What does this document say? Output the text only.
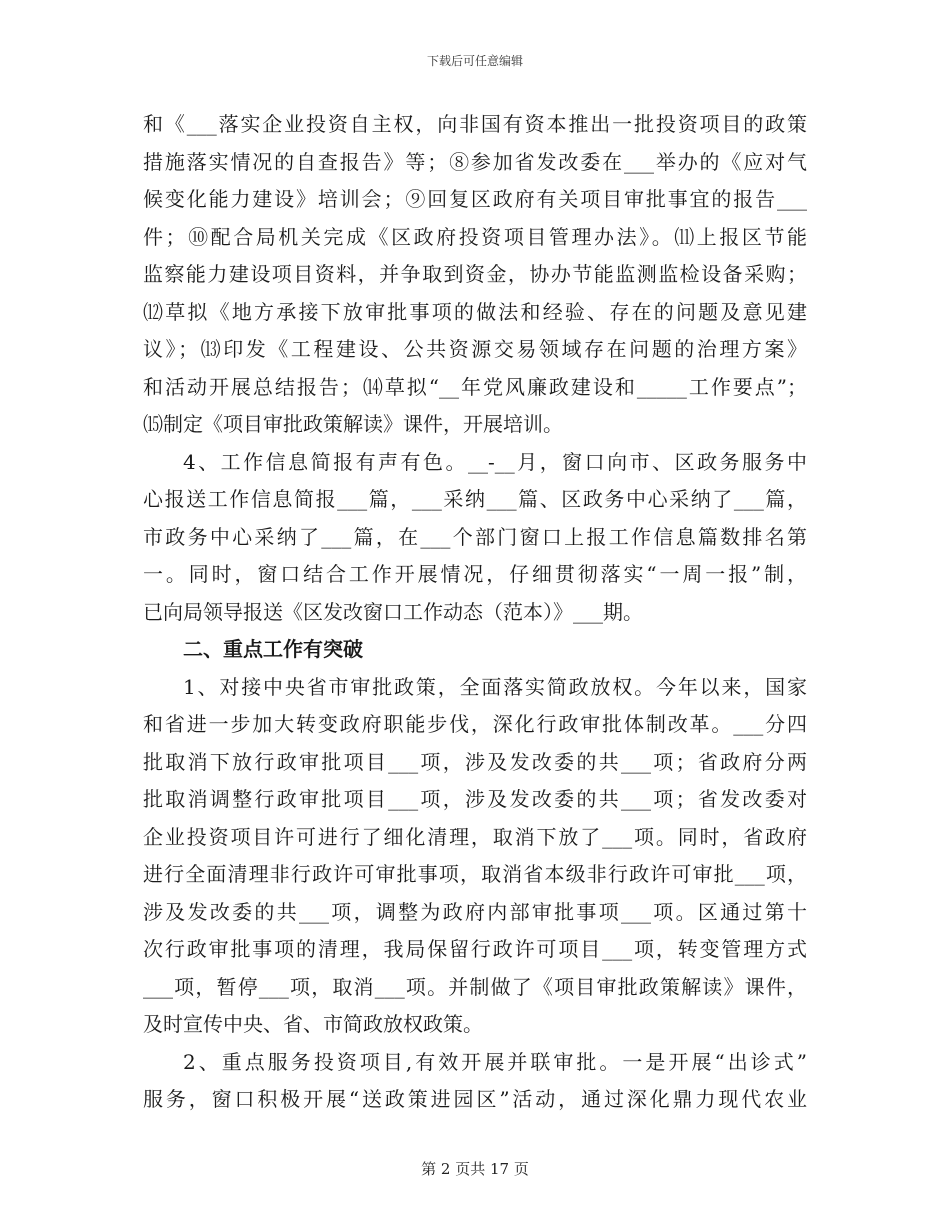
下载后可任意编辑
和《___落实企业投资自主权，向非国有资本推出一批投资项目的政策
措施落实情况的自查报告》等；⑧参加省发改委在___举办的《应对气
候变化能力建设》培训会；⑨回复区政府有关项目审批事宜的报告___
件；⑩配合局机关完成《区政府投资项目管理办法》。⑾上报区节能
监察能力建设项目资料，并争取到资金，协办节能监测监检设备采购；
⑿草拟《地方承接下放审批事项的做法和经验、存在的问题及意见建
议》；⒀印发《工程建设、公共资源交易领域存在问题的治理方案》
和活动开展总结报告；⒁草拟“__年党风廉政建设和_____工作要点”；
⒂制定《项目审批政策解读》课件，开展培训。
4、工作信息简报有声有色。__-__月，窗口向市、区政务服务中
心报送工作信息简报___篇，___采纳___篇、区政务中心采纳了___篇，
市政务中心采纳了___篇，在___个部门窗口上报工作信息篇数排名第
一。同时，窗口结合工作开展情况，仔细贯彻落实“一周一报”制，
已向局领导报送《区发改窗口工作动态（范本）》___期。
二、重点工作有突破
1、对接中央省市审批政策，全面落实简政放权。今年以来，国家
和省进一步加大转变政府职能步伐，深化行政审批体制改革。___分四
批取消下放行政审批项目___项，涉及发改委的共___项；省政府分两
批取消调整行政审批项目___项，涉及发改委的共___项；省发改委对
企业投资项目许可进行了细化清理，取消下放了___项。同时，省政府
进行全面清理非行政许可审批事项，取消省本级非行政许可审批___项，
涉及发改委的共___项，调整为政府内部审批事项___项。区通过第十
次行政审批事项的清理，我局保留行政许可项目___项，转变管理方式
___项，暂停___项，取消___项。并制做了《项目审批政策解读》课件，
及时宣传中央、省、市简政放权政策。
2、重点服务投资项目,有效开展并联审批。一是开展“出诊式”
服务，窗口积极开展“送政策进园区”活动，通过深化鼎力现代农业
第 2 页共 17 页
